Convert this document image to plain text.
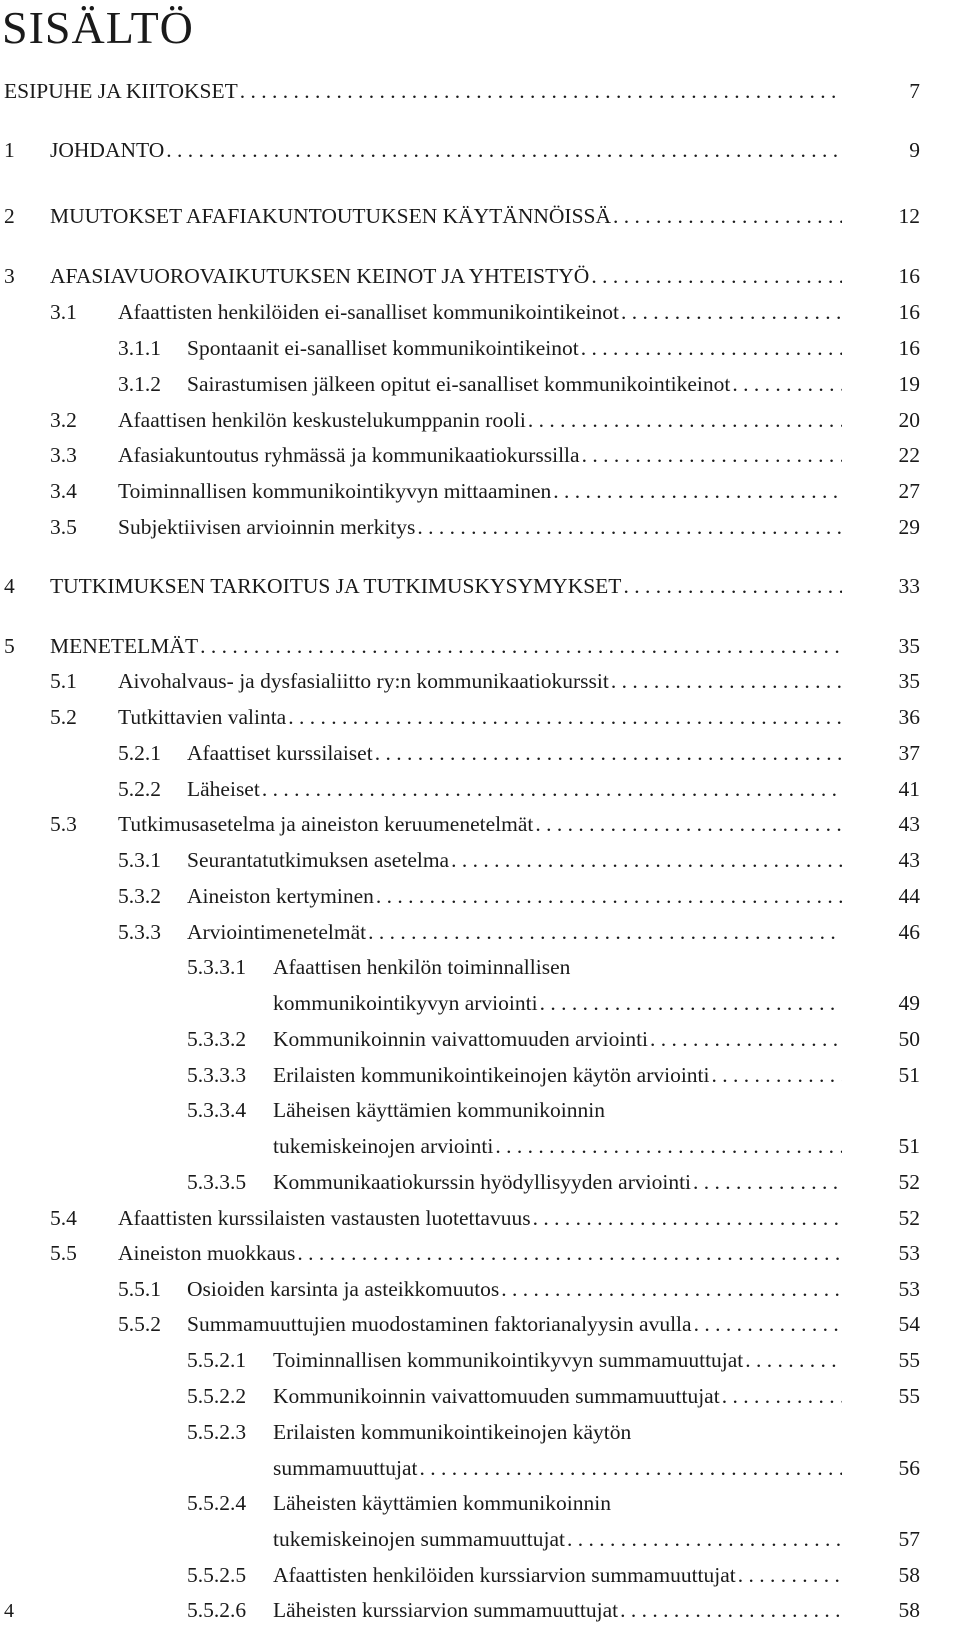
SISÄLTÖ
ESIPUHE JA KIITOKSET . . .	7
1 JOHDANTO . . .	9
2 MUUTOKSET AFAFIAKUNTOUTUKSEN KÄYTÄNNÖISSÄ . . .	12
3 AFASIAVUOROVAIKUTUKSEN KEINOT JA YHTEISTYÖ . . .	16
3.1 Afaattisten henkilöiden ei-sanalliset kommunikointikeinot . . .	16
3.1.1 Spontaanit ei-sanalliset kommunikointikeinot . . .	16
3.1.2 Sairastumisen jälkeen opitut ei-sanalliset kommunikointikeinot . . .	19
3.2 Afaattisen henkilön keskustelukumppanin rooli . . .	20
3.3 Afasiakuntoutus ryhmässä ja kommunikaatiokurssilla . . .	22
3.4 Toiminnallisen kommunikointikyvyn mittaaminen . . .	27
3.5 Subjektiivisen arvioinnin merkitys . . .	29
4 TUTKIMUKSEN TARKOITUS JA TUTKIMUSKYSYMYKSET . . .	33
5 MENETELMÄT . . .	35
5.1 Aivohalvaus- ja dysfasialiitto ry:n kommunikaatiokurssit . . .	35
5.2 Tutkittavien valinta . . .	36
5.2.1 Afaattiset kurssilaiset . . .	37
5.2.2 Läheiset . . .	41
5.3 Tutkimusasetelma ja aineiston keruumenetelmät . . .	43
5.3.1 Seurantatutkimuksen asetelma . . .	43
5.3.2 Aineiston kertyminen . . .	44
5.3.3 Arviointimenetelmät . . .	46
5.3.3.1 Afaattisen henkilön toiminnallisen
kommunikointikyvyn arviointi . . .	49
5.3.3.2 Kommunikoinnin vaivattomuuden arviointi . . .	50
5.3.3.3 Erilaisten kommunikointikeinojen käytön arviointi . . .	51
5.3.3.4 Läheisen käyttämien kommunikoinnin
tukemiskeinojen arviointi . . .	51
5.3.3.5 Kommunikaatiokurssin hyödyllisyyden arviointi . . .	52
5.4 Afaattisten kurssilaisten vastausten luotettavuus . . .	52
5.5 Aineiston muokkaus . . .	53
5.5.1 Osioiden karsinta ja asteikkomuutos . . .	53
5.5.2 Summamuuttujien muodostaminen faktorianalyysin avulla . . .	54
5.5.2.1 Toiminnallisen kommunikointikyvyn summamuuttujat . . .	55
5.5.2.2 Kommunikoinnin vaivattomuuden summamuuttujat . . .	55
5.5.2.3 Erilaisten kommunikointikeinojen käytön
summamuuttujat . . .	56
5.5.2.4 Läheisten käyttämien kommunikoinnin
tukemiskeinojen summamuuttujat . . .	57
5.5.2.5 Afaattisten henkilöiden kurssiarvion summamuuttujat . . .	58
5.5.2.6 Läheisten kurssiarvion summamuuttujat . . .	58
4
